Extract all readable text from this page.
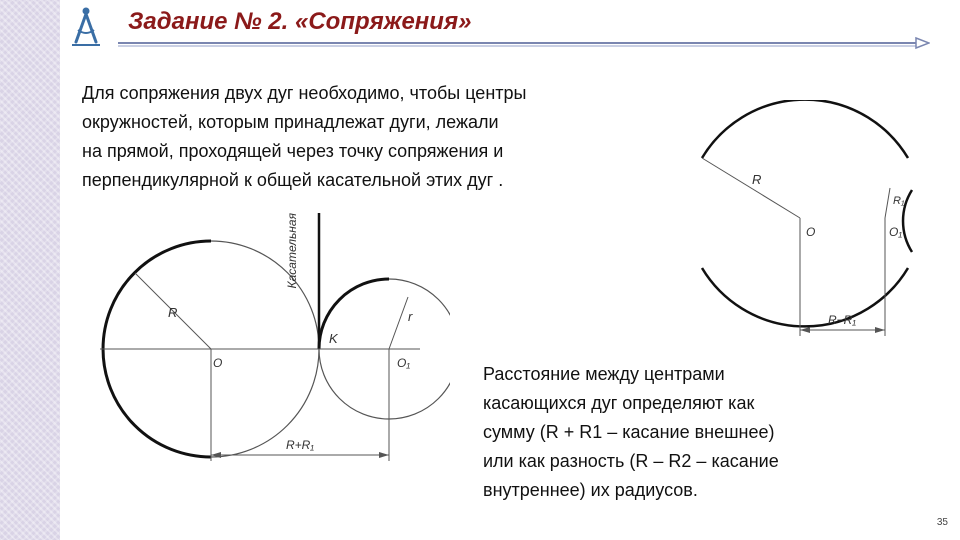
Задание № 2. «Сопряжения»
Для сопряжения двух дуг необходимо, чтобы центры
окружностей, которым принадлежат дуги, лежали
на прямой, проходящей через точку сопряжения и
перпендикулярной к общей касательной этих дуг .
Касательная
R	r
O	O₁
K
R+R₁
R
R₁
O	O₁
R−R₁
Расстояние между центрами
касающихся дуг определяют как
сумму (R + R1 – касание внешнее)
или как разность (R – R2 – касание
внутреннее) их радиусов.
35
